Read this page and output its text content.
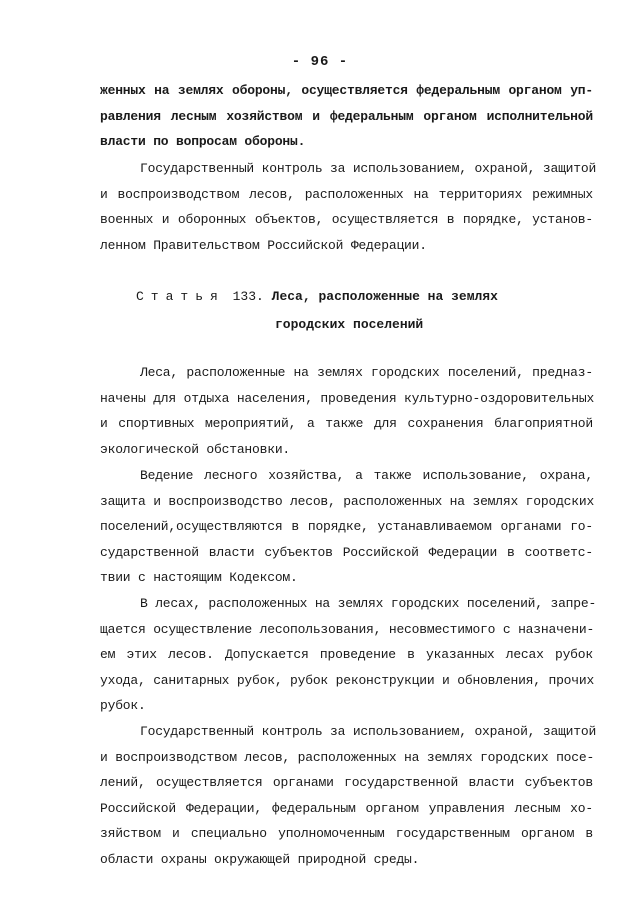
- 96 -
женных на землях обороны, осуществляется федеральным органом уп-
равления лесным хозяйством и федеральным органом исполнительной
власти по вопросам обороны.
Государственный контроль за использованием, охраной, защитой
и воспроизводством лесов, расположенных на территориях режимных
военных и оборонных объектов, осуществляется в порядке, установ-
ленном Правительством Российской Федерации.
Статья 133. Леса, расположенные на землях
городских поселений
Леса, расположенные на землях городских поселений, предназ-
начены для отдыха населения, проведения культурно-оздоровительных
и спортивных мероприятий, а также для сохранения благоприятной
экологической обстановки.
Ведение лесного хозяйства, а также использование, охрана,
защита и воспроизводство лесов, расположенных на землях городских
поселений,осуществляются в порядке, устанавливаемом органами го-
сударственной власти субъектов Российской Федерации в соответс-
твии с настоящим Кодексом.
В лесах, расположенных на землях городских поселений, запре-
щается осуществление лесопользования, несовместимого с назначени-
ем этих лесов. Допускается проведение в указанных лесах рубок
ухода, санитарных рубок, рубок реконструкции и обновления, прочих
рубок.
Государственный контроль за использованием, охраной, защитой
и воспроизводством лесов, расположенных на землях городских посе-
лений, осуществляется органами государственной власти субъектов
Российской Федерации, федеральным органом управления лесным хо-
зяйством и специально уполномоченным государственным органом в
области охраны окружающей природной среды.
